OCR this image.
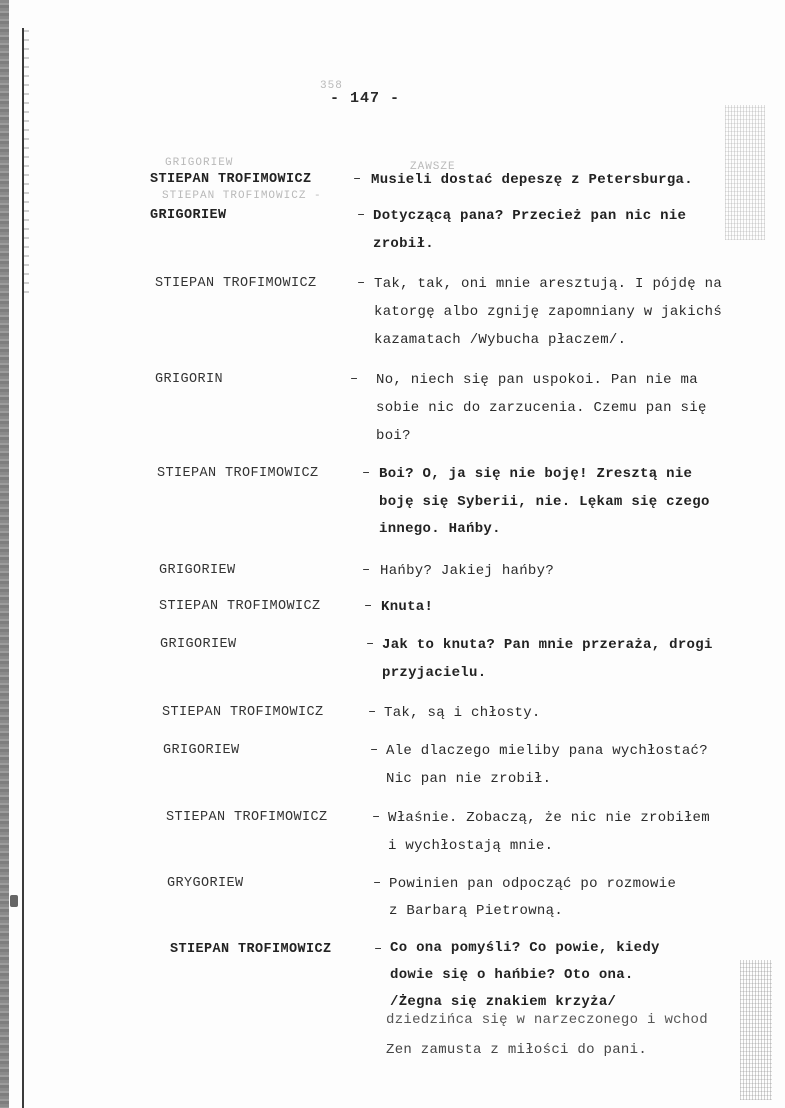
358
- 147 -
GRIGORIEW
STIEPAN TROFIMOWICZ -
ZAWSZE
STIEPAN TROFIMOWICZ	– Musieli dostać depeszę z Petersburga.
GRIGORIEW	– Dotyczącą pana? Przecież pan nic nie
zrobił.
STIEPAN TROFIMOWICZ	– Tak, tak, oni mnie aresztują. I pójdę na
katorgę albo zgniję zapomniany w jakichś
kazamatach /Wybucha płaczem/.
GRIGORIN	– No, niech się pan uspokoi. Pan nie ma
sobie nic do zarzucenia. Czemu pan się
boi?
STIEPAN TROFIMOWICZ	– Boi? O, ja się nie boję! Zresztą nie
boję się Syberii, nie. Lękam się czego
innego. Hańby.
GRIGORIEW	– Hańby? Jakiej hańby?
STIEPAN TROFIMOWICZ	– Knuta!
GRIGORIEW	– Jak to knuta? Pan mnie przeraża, drogi
przyjacielu.
STIEPAN TROFIMOWICZ	– Tak, są i chłosty.
GRIGORIEW	– Ale dlaczego mieliby pana wychłostać?
Nic pan nie zrobił.
STIEPAN TROFIMOWICZ	– Właśnie. Zobaczą, że nic nie zrobiłem
i wychłostają mnie.
GRYGORIEW	– Powinien pan odpocząć po rozmowie
z Barbarą Pietrowną.
STIEPAN TROFIMOWICZ	– Co ona pomyśli? Co powie, kiedy
dowie się o hańbie? Oto ona.
/Żegna się znakiem krzyża/
dziedzińca się w narzeczonego i wchod
Zen zamusta z miłości do pani.
